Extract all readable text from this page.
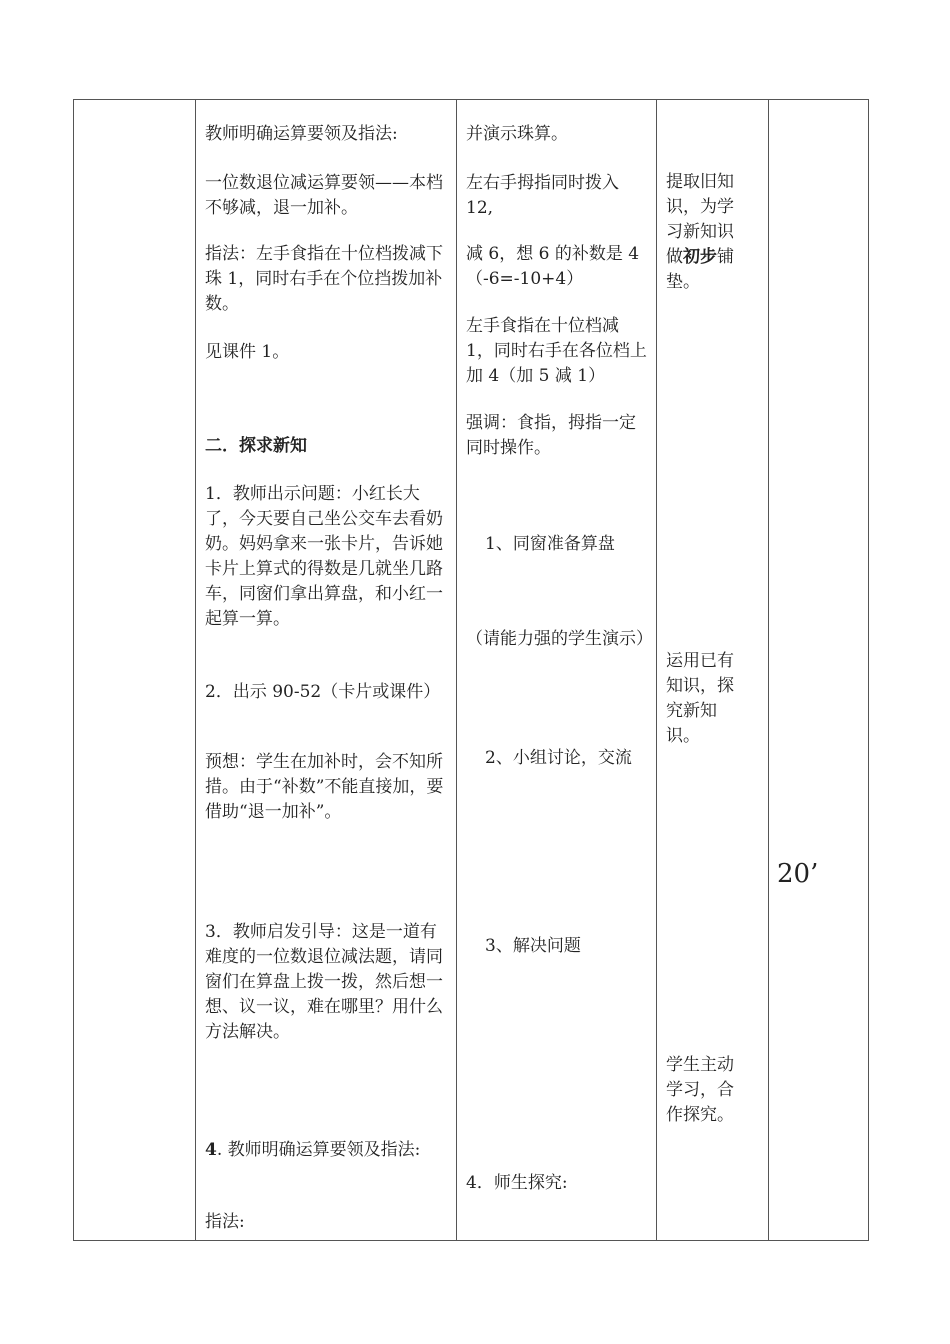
教师明确运算要领及指法:

一位数退位减运算要领——本档不够减，退一加补。

指法：左手食指在十位档拨减下珠 1，同时右手在个位挡拨加补数。

见课件 1。

二．探求新知

1．教师出示问题：小红长大了，今天要自己坐公交车去看奶奶。妈妈拿来一张卡片，告诉她卡片上算式的得数是几就坐几路车，同窗们拿出算盘，和小红一起算一算。

2．出示 90-52（卡片或课件）

预想：学生在加补时，会不知所措。由于“补数”不能直接加，要借助“退一加补”。

3．教师启发引导：这是一道有难度的一位数退位减法题，请同窗们在算盘上拨一拨，然后想一想、议一议，难在哪里？用什么方法解决。

4. 教师明确运算要领及指法:

指法:

并演示珠算。

左右手拇指同时拨入 12,

减 6，想 6 的补数是 4（-6=-10+4）

左手食指在十位档减 1，同时右手在各位档上加 4（加 5 减 1）

强调：食指，拇指一定同时操作。

1、同窗准备算盘

（请能力强的学生演示）

2、小组讨论，交流

3、解决问题

4．师生探究:

提取旧知识，为学习新知识做初步铺垫。

运用已有知识，探究新知识。

学生主动学习，合作探究。

20’
